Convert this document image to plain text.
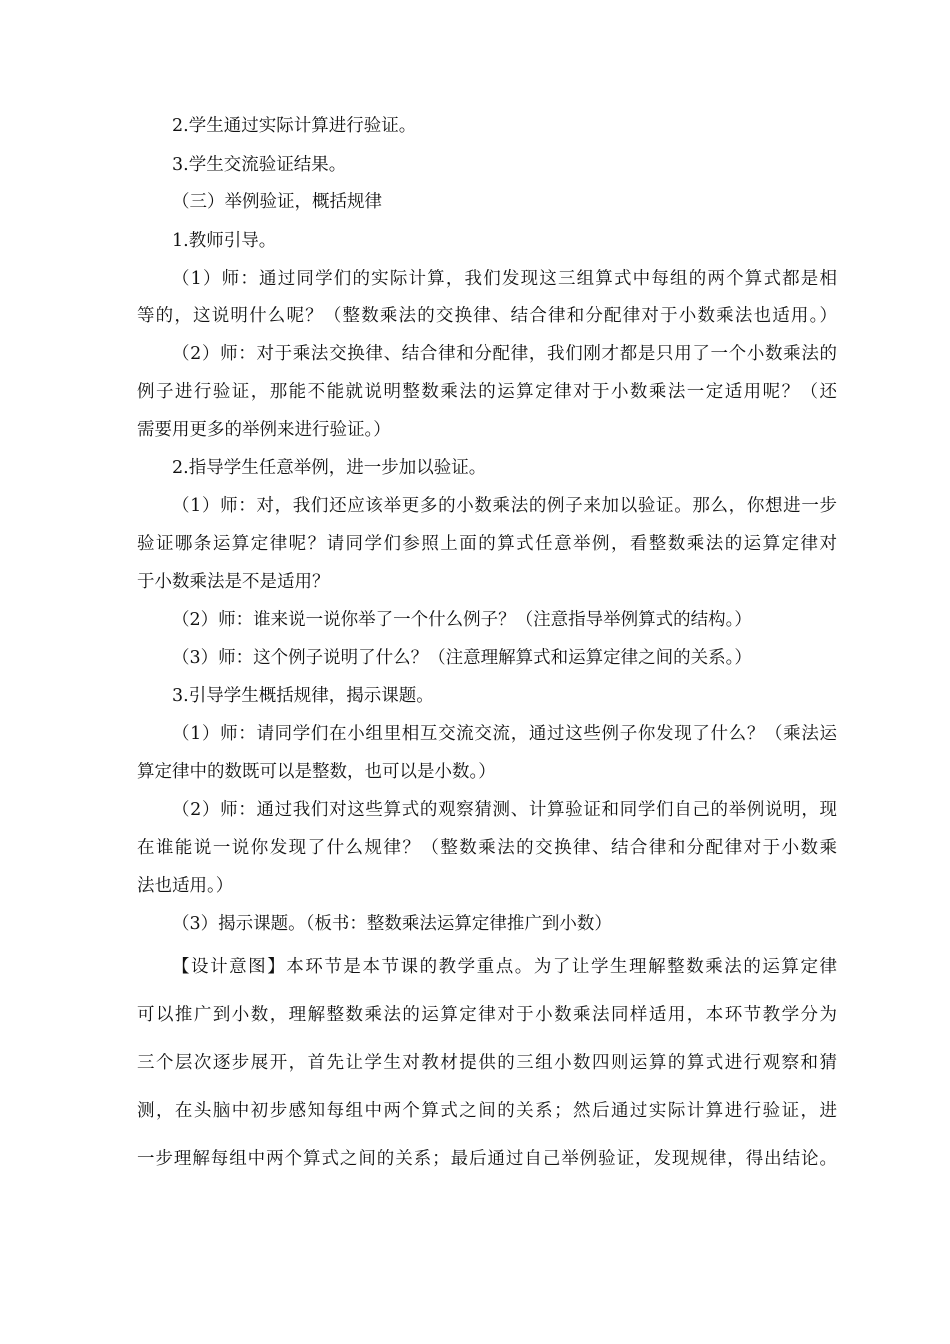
2.学生通过实际计算进行验证。

3.学生交流验证结果。

（三）举例验证，概括规律

1.教师引导。

（1）师：通过同学们的实际计算，我们发现这三组算式中每组的两个算式都是相

等的，这说明什么呢？（整数乘法的交换律、结合律和分配律对于小数乘法也适用。）

（2）师：对于乘法交换律、结合律和分配律，我们刚才都是只用了一个小数乘法的

例子进行验证，那能不能就说明整数乘法的运算定律对于小数乘法一定适用呢？（还

需要用更多的举例来进行验证。）

2.指导学生任意举例，进一步加以验证。

（1）师：对，我们还应该举更多的小数乘法的例子来加以验证。那么，你想进一步

验证哪条运算定律呢？请同学们参照上面的算式任意举例，看整数乘法的运算定律对

于小数乘法是不是适用？

（2）师：谁来说一说你举了一个什么例子？（注意指导举例算式的结构。）

（3）师：这个例子说明了什么？（注意理解算式和运算定律之间的关系。）

3.引导学生概括规律，揭示课题。

（1）师：请同学们在小组里相互交流交流，通过这些例子你发现了什么？（乘法运

算定律中的数既可以是整数，也可以是小数。）

（2）师：通过我们对这些算式的观察猜测、计算验证和同学们自己的举例说明，现

在谁能说一说你发现了什么规律？（整数乘法的交换律、结合律和分配律对于小数乘

法也适用。）

（3）揭示课题。（板书：整数乘法运算定律推广到小数）

【设计意图】本环节是本节课的教学重点。为了让学生理解整数乘法的运算定律

可以推广到小数，理解整数乘法的运算定律对于小数乘法同样适用，本环节教学分为

三个层次逐步展开，首先让学生对教材提供的三组小数四则运算的算式进行观察和猜

测，在头脑中初步感知每组中两个算式之间的关系；然后通过实际计算进行验证，进

一步理解每组中两个算式之间的关系；最后通过自己举例验证，发现规律，得出结论。
